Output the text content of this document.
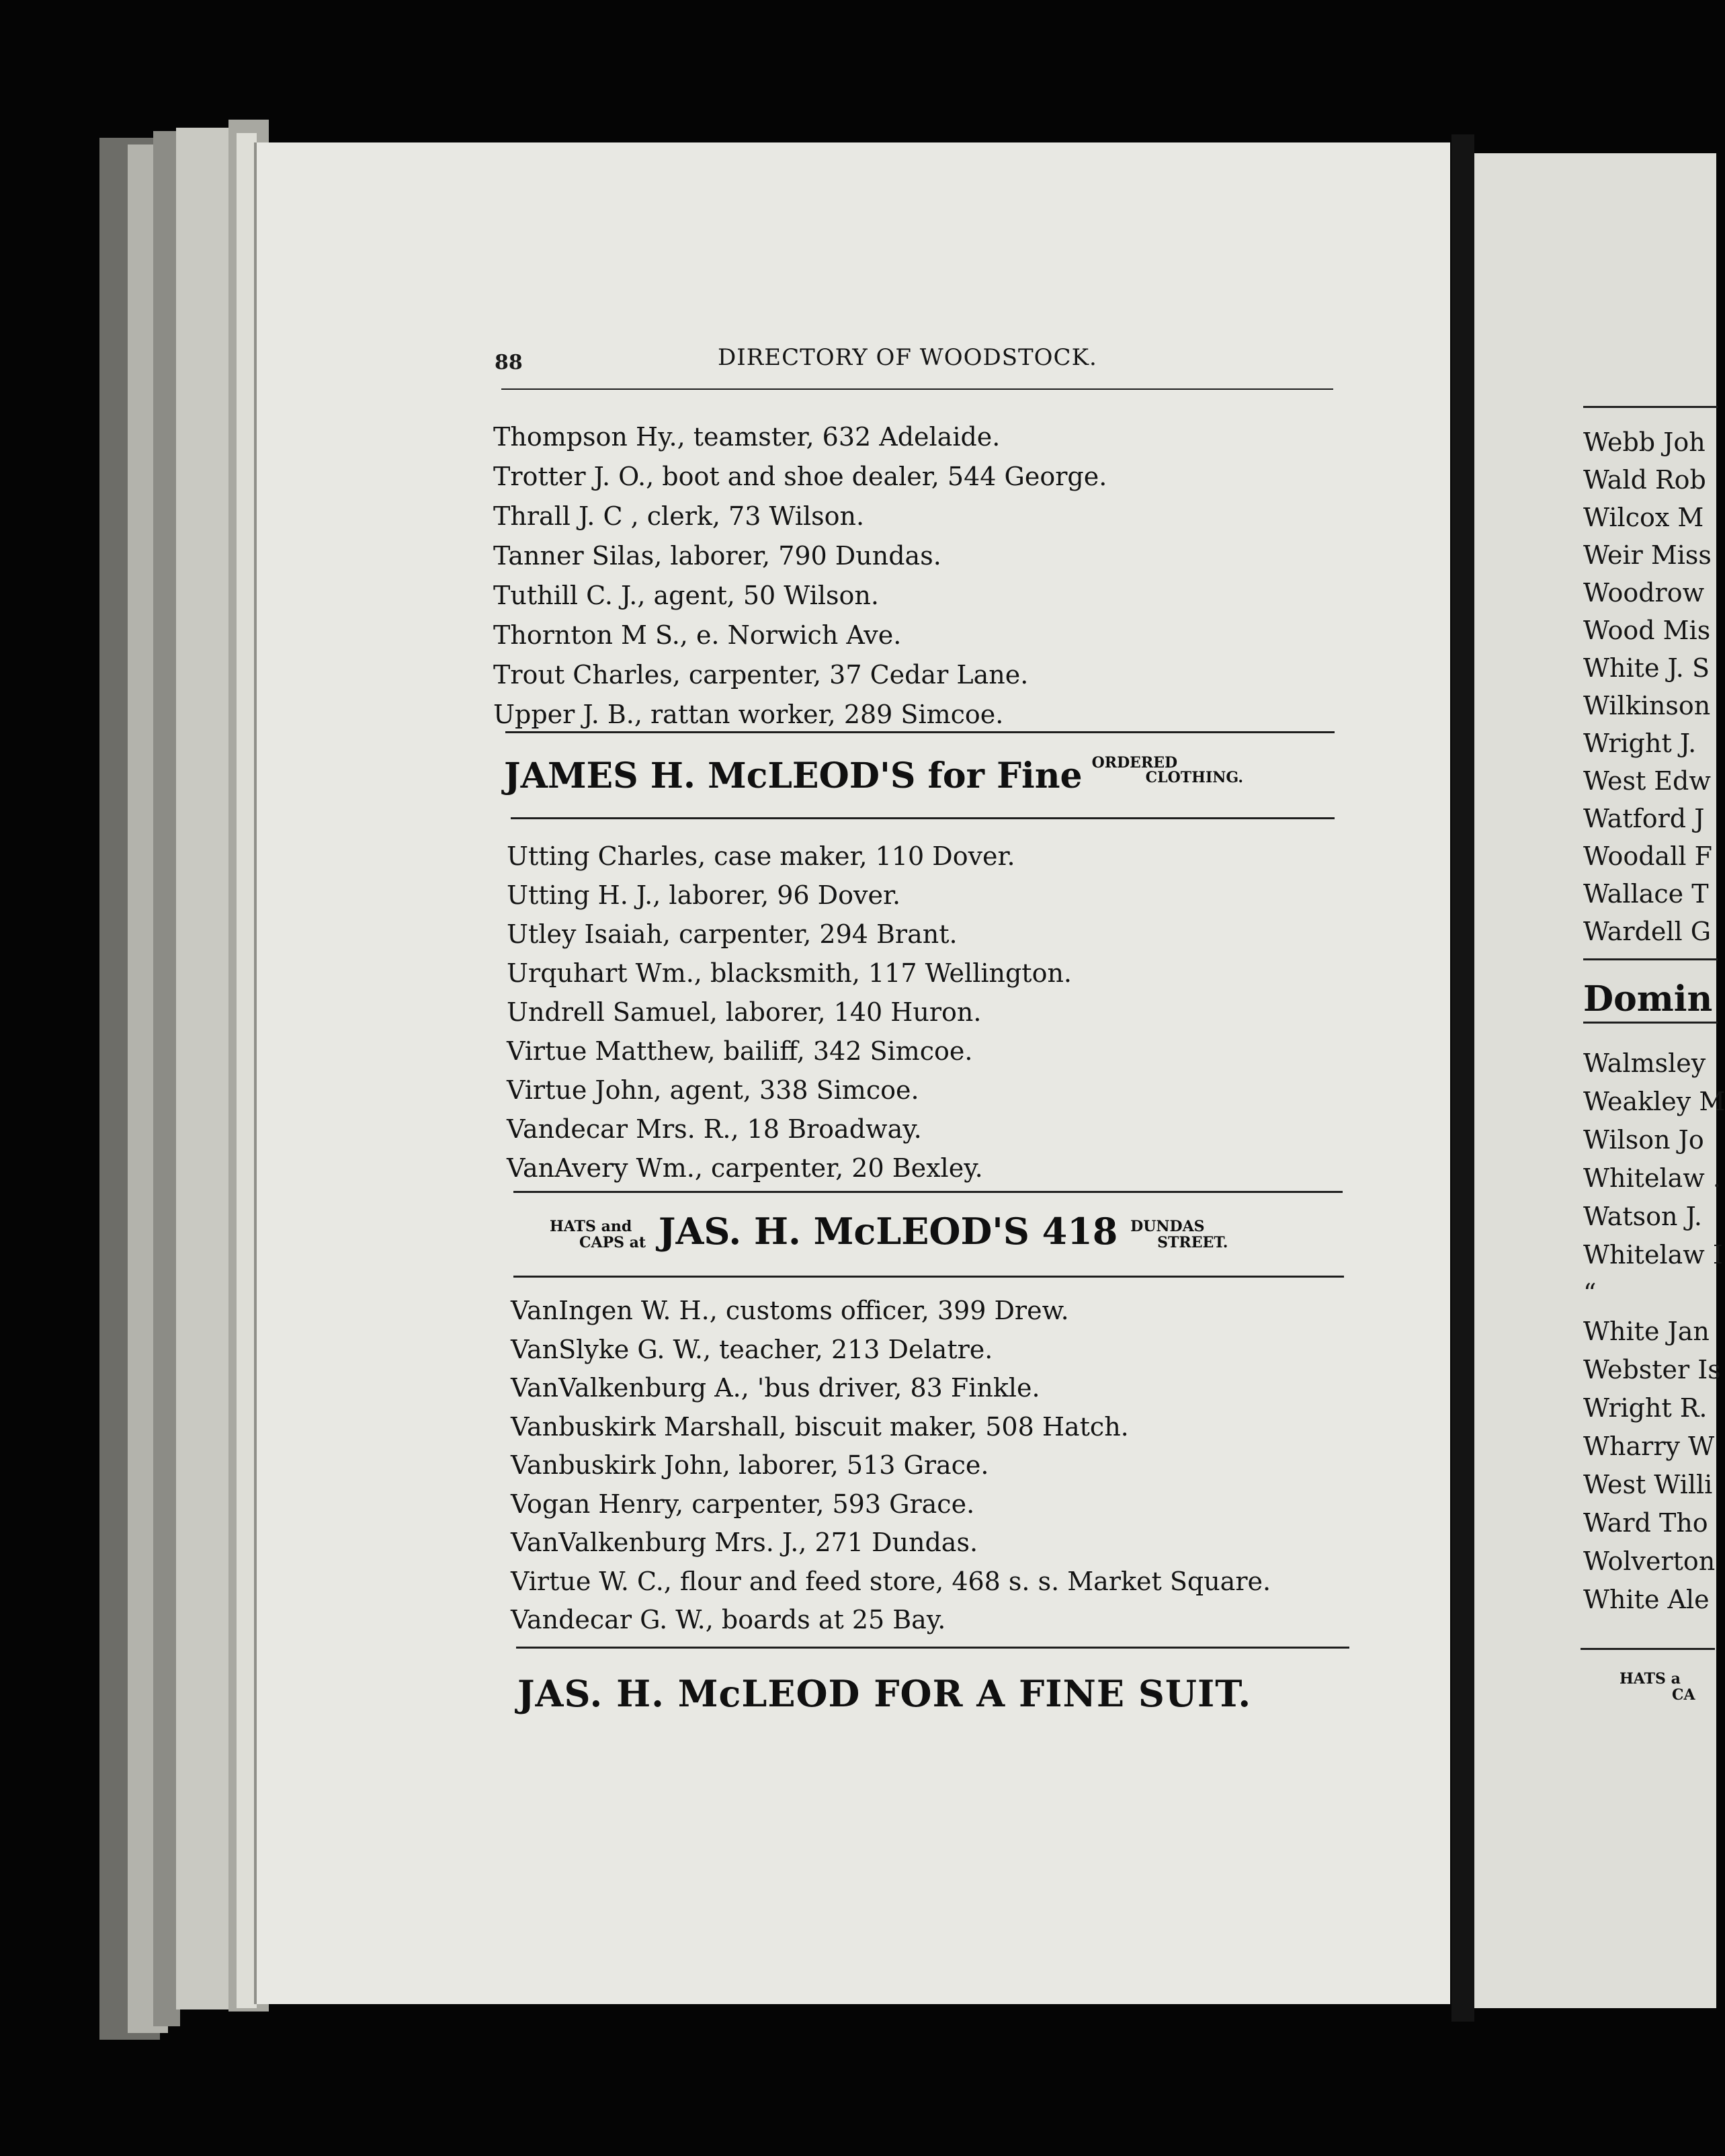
88	DIRECTORY OF WOODSTOCK.
Thompson Hy., teamster, 632 Adelaide.
Trotter J. O., boot and shoe dealer, 544 George.
Thrall J. C , clerk, 73 Wilson.
Tanner Silas, laborer, 790 Dundas.
Tuthill C. J., agent, 50 Wilson.
Thornton M S., e. Norwich Ave.
Trout Charles, carpenter, 37 Cedar Lane.
Upper J. B., rattan worker, 289 Simcoe.
JAMES H. McLEOD'S for Fine ORDERED
CLOTHING.
Utting Charles, case maker, 110 Dover.
Utting H. J., laborer, 96 Dover.
Utley Isaiah, carpenter, 294 Brant.
Urquhart Wm., blacksmith, 117 Wellington.
Undrell Samuel, laborer, 140 Huron.
Virtue Matthew, bailiff, 342 Simcoe.
Virtue John, agent, 338 Simcoe.
Vandecar Mrs. R., 18 Broadway.
VanAvery Wm., carpenter, 20 Bexley.
HATS and
CAPS at JAS. H. McLEOD'S 418 DUNDAS
STREET.
VanIngen W. H., customs officer, 399 Drew.
VanSlyke G. W., teacher, 213 Delatre.
VanValkenburg A., 'bus driver, 83 Finkle.
Vanbuskirk Marshall, biscuit maker, 508 Hatch.
Vanbuskirk John, laborer, 513 Grace.
Vogan Henry, carpenter, 593 Grace.
VanValkenburg Mrs. J., 271 Dundas.
Virtue W. C., flour and feed store, 468 s. s. Market Square.
Vandecar G. W., boards at 25 Bay.
JAS. H. McLEOD FOR A FINE SUIT.
Webb Joh
Wald Rob
Wilcox M
Weir Miss
Woodrow
Wood Mis
White J. S
Wilkinson
Wright J.
West Edw
Watford J
Woodall F
Wallace T
Wardell G
Domin
Walmsley
Weakley M
Wilson Jo
Whitelaw .
Watson J.
Whitelaw I
“
White Jan
Webster Is
Wright R.
Wharry W
West Willi
Ward Tho
Wolverton
White Ale
HATS a
CA
